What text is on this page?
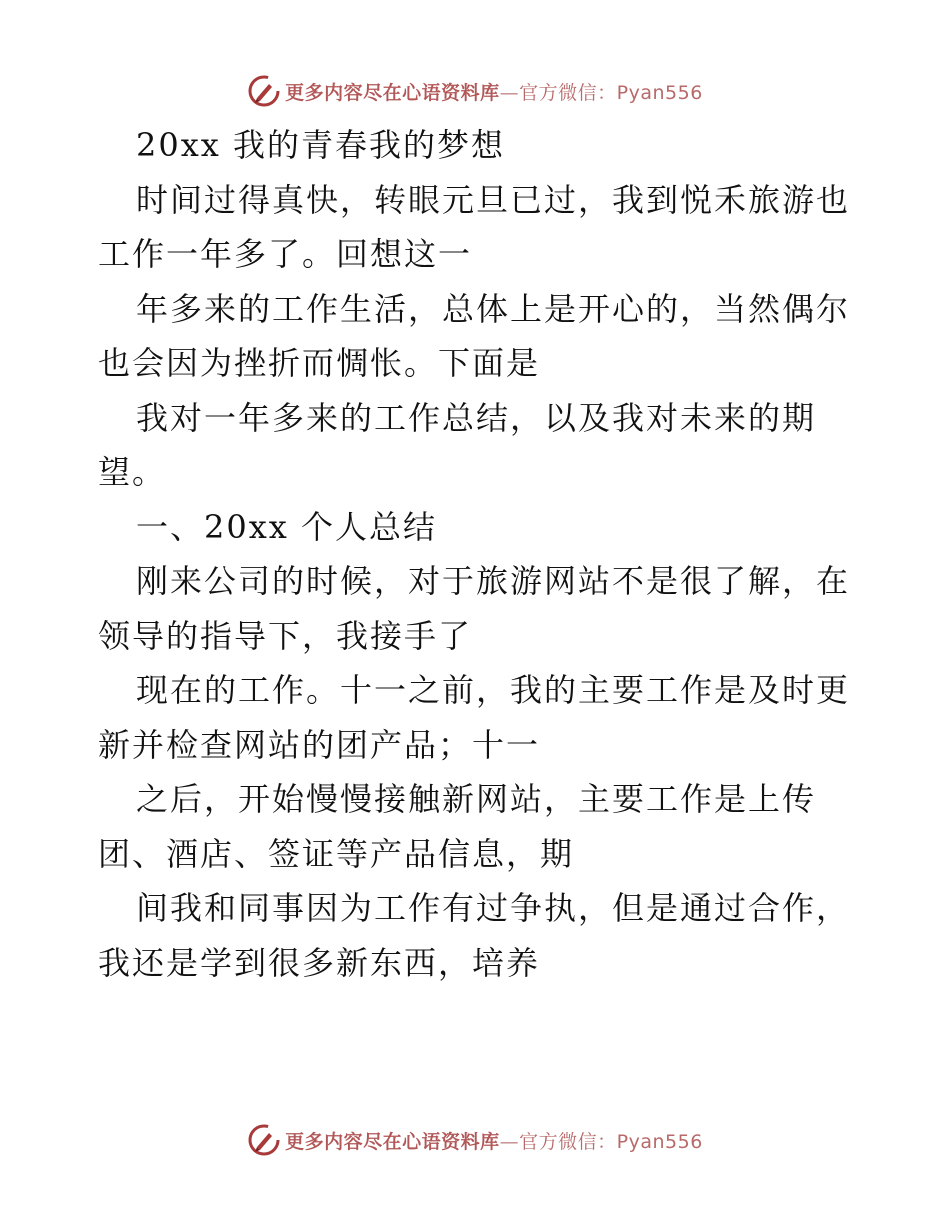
更多内容尽在心语资料库—官方微信：Pyan556
20xx 我的青春我的梦想
时间过得真快，转眼元旦已过，我到悦禾旅游也
工作一年多了。回想这一
年多来的工作生活，总体上是开心的，当然偶尔
也会因为挫折而惆怅。下面是
我对一年多来的工作总结，以及我对未来的期
望。
一、20xx 个人总结
刚来公司的时候，对于旅游网站不是很了解，在
领导的指导下，我接手了
现在的工作。十一之前，我的主要工作是及时更
新并检查网站的团产品；十一
之后，开始慢慢接触新网站，主要工作是上传
团、酒店、签证等产品信息，期
间我和同事因为工作有过争执，但是通过合作，
我还是学到很多新东西，培养
更多内容尽在心语资料库—官方微信：Pyan556
